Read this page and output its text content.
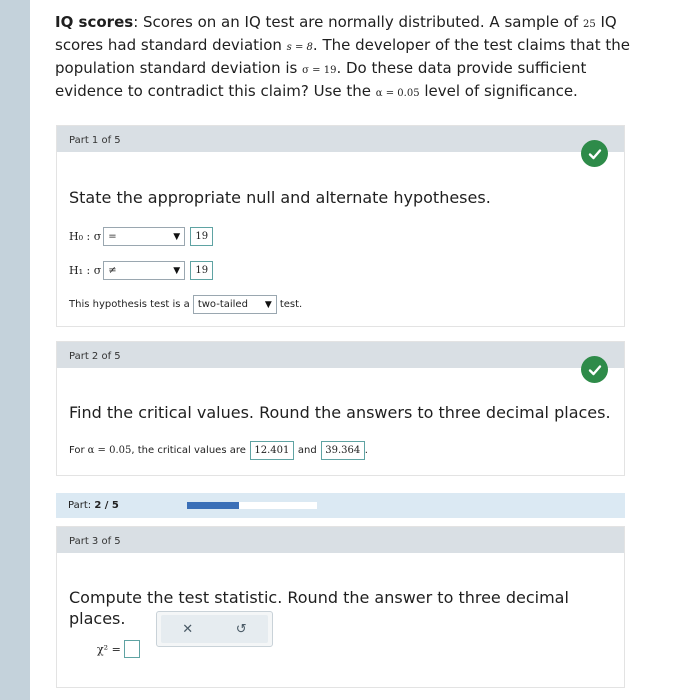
IQ scores: Scores on an IQ test are normally distributed. A sample of 25 IQ scores had standard deviation s = 8. The developer of the test claims that the population standard deviation is σ = 19. Do these data provide sufficient evidence to contradict this claim? Use the α = 0.05 level of significance.

Part 1 of 5
State the appropriate null and alternate hypotheses.
H₀ : σ =	▼	19
H₁ : σ ≠	▼	19
This hypothesis test is a two-tailed ▼ test.
Part 2 of 5
Find the critical values. Round the answers to three decimal places.
For α = 0.05 , the critical values are 12.401 and 39.364 .
Part: 2 / 5
Part 3 of 5
Compute the test statistic. Round the answer to three decimal places.
χ² =
✕	↺
